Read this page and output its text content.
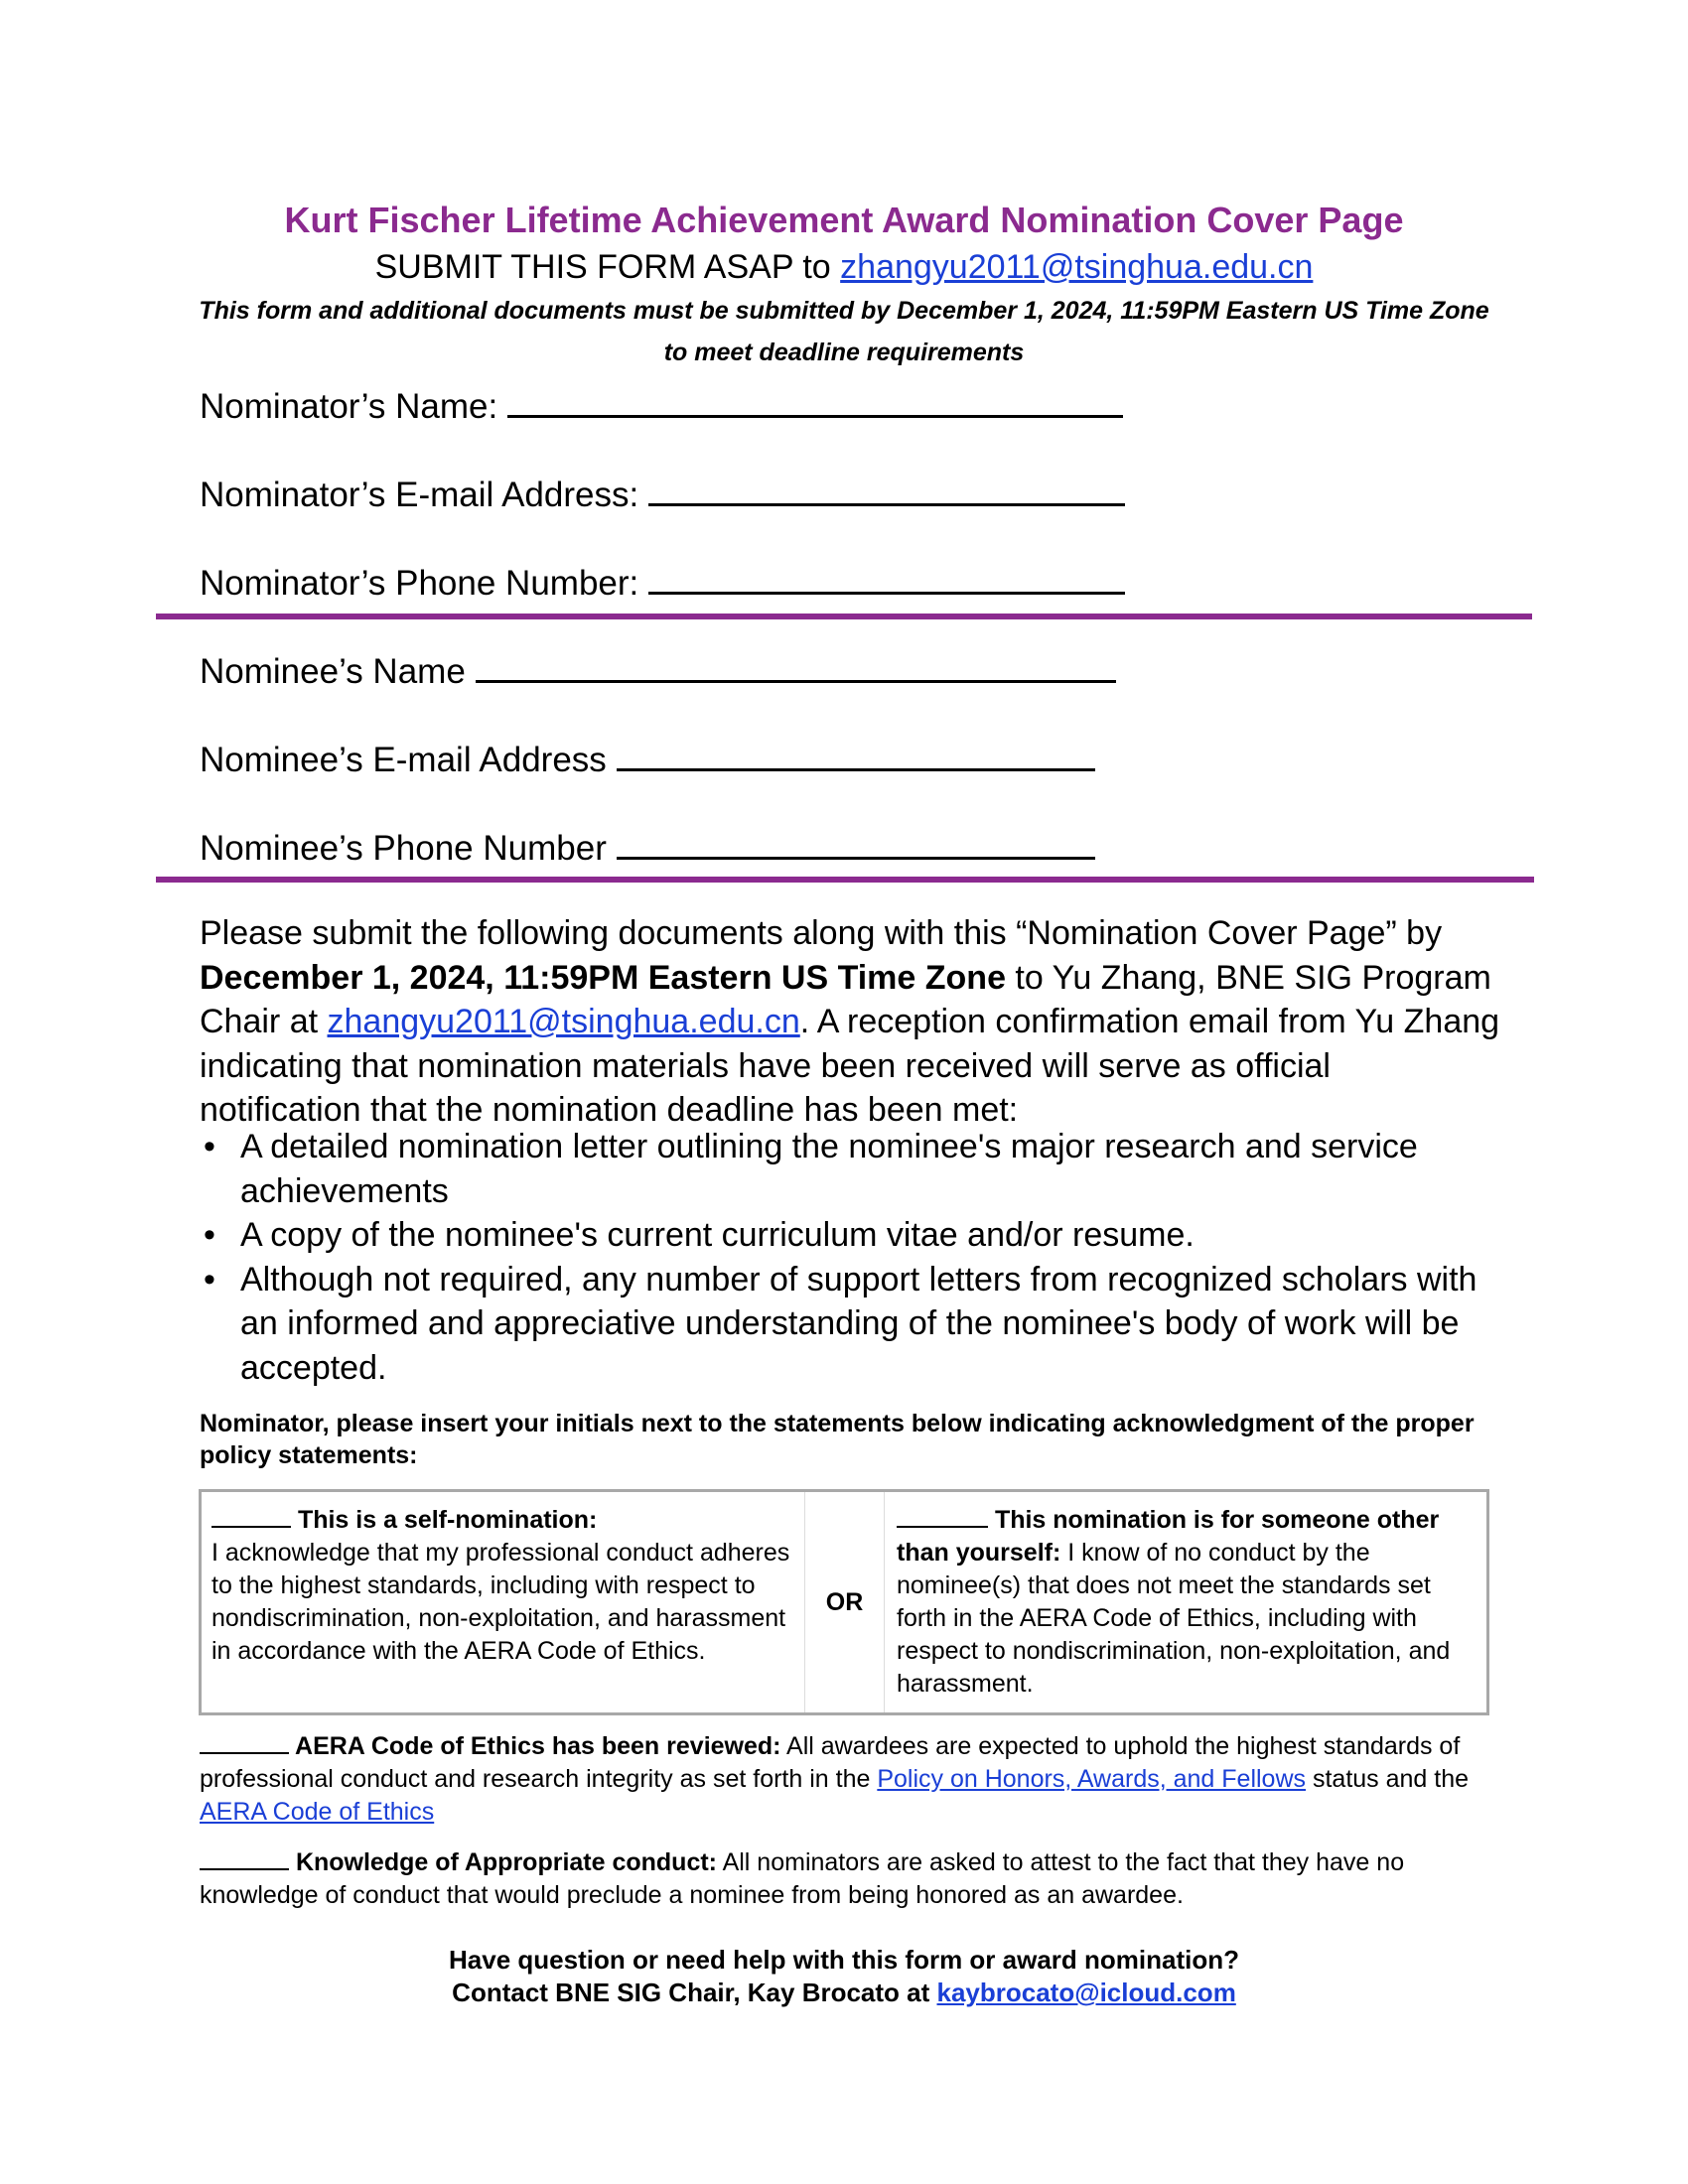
Kurt Fischer Lifetime Achievement Award Nomination Cover Page
SUBMIT THIS FORM ASAP to zhangyu2011@tsinghua.edu.cn
This form and additional documents must be submitted by December 1, 2024, 11:59PM Eastern US Time Zone to meet deadline requirements
Nominator’s Name:
Nominator’s E-mail Address:
Nominator’s Phone Number:
Nominee’s Name
Nominee’s E-mail Address
Nominee’s Phone Number
Please submit the following documents along with this “Nomination Cover Page” by December 1, 2024, 11:59PM Eastern US Time Zone to Yu Zhang, BNE SIG Program Chair at zhangyu2011@tsinghua.edu.cn. A reception confirmation email from Yu Zhang indicating that nomination materials have been received will serve as official notification that the nomination deadline has been met:
• A detailed nomination letter outlining the nominee's major research and service achievements
• A copy of the nominee's current curriculum vitae and/or resume.
• Although not required, any number of support letters from recognized scholars with an informed and appreciative understanding of the nominee's body of work will be accepted.
Nominator, please insert your initials next to the statements below indicating acknowledgment of the proper policy statements:
This is a self-nomination:
I acknowledge that my professional conduct adheres to the highest standards, including with respect to nondiscrimination, non-exploitation, and harassment in accordance with the AERA Code of Ethics.
OR
This nomination is for someone other than yourself: I know of no conduct by the nominee(s) that does not meet the standards set forth in the AERA Code of Ethics, including with respect to nondiscrimination, non-exploitation, and harassment.
AERA Code of Ethics has been reviewed: All awardees are expected to uphold the highest standards of professional conduct and research integrity as set forth in the Policy on Honors, Awards, and Fellows status and the AERA Code of Ethics
Knowledge of Appropriate conduct: All nominators are asked to attest to the fact that they have no knowledge of conduct that would preclude a nominee from being honored as an awardee.
Have question or need help with this form or award nomination?
Contact BNE SIG Chair, Kay Brocato at kaybrocato@icloud.com
